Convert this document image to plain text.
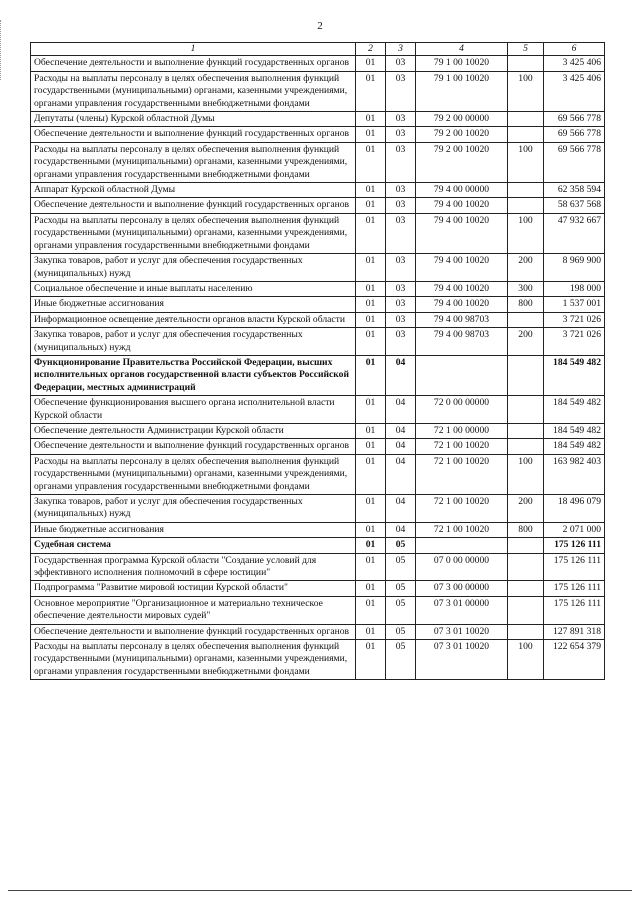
2
1	2	3	4	5	6
Обеспечение деятельности и выполнение функций государственных органов	01	03	79 1 00 10020		3 425 406
Расходы на выплаты персоналу в целях обеспечения выполнения функций государственными (муниципальными) органами, казенными учреждениями, органами управления государственными внебюджетными фондами	01	03	79 1 00 10020	100	3 425 406
Депутаты (члены) Курской областной Думы	01	03	79 2 00 00000		69 566 778
Обеспечение деятельности и выполнение функций государственных органов	01	03	79 2 00 10020		69 566 778
Расходы на выплаты персоналу в целях обеспечения выполнения функций государственными (муниципальными) органами, казенными учреждениями, органами управления государственными внебюджетными фондами	01	03	79 2 00 10020	100	69 566 778
Аппарат Курской областной Думы	01	03	79 4 00 00000		62 358 594
Обеспечение деятельности и выполнение функций государственных органов	01	03	79 4 00 10020		58 637 568
Расходы на выплаты персоналу в целях обеспечения выполнения функций государственными (муниципальными) органами, казенными учреждениями, органами управления государственными внебюджетными фондами	01	03	79 4 00 10020	100	47 932 667
Закупка товаров, работ и услуг для обеспечения государственных (муниципальных) нужд	01	03	79 4 00 10020	200	8 969 900
Социальное обеспечение и иные выплаты населению	01	03	79 4 00 10020	300	198 000
Иные бюджетные ассигнования	01	03	79 4 00 10020	800	1 537 001
Информационное освещение деятельности органов власти Курской области	01	03	79 4 00 98703		3 721 026
Закупка товаров, работ и услуг для обеспечения государственных (муниципальных) нужд	01	03	79 4 00 98703	200	3 721 026
Функционирование Правительства Российской Федерации, высших исполнительных органов государственной власти субъектов Российской Федерации, местных администраций	01	04			184 549 482
Обеспечение функционирования высшего органа исполнительной власти Курской области	01	04	72 0 00 00000		184 549 482
Обеспечение деятельности Администрации Курской области	01	04	72 1 00 00000		184 549 482
Обеспечение деятельности и выполнение функций государственных органов	01	04	72 1 00 10020		184 549 482
Расходы на выплаты персоналу в целях обеспечения выполнения функций государственными (муниципальными) органами, казенными учреждениями, органами управления государственными внебюджетными фондами	01	04	72 1 00 10020	100	163 982 403
Закупка товаров, работ и услуг для обеспечения государственных (муниципальных) нужд	01	04	72 1 00 10020	200	18 496 079
Иные бюджетные ассигнования	01	04	72 1 00 10020	800	2 071 000
Судебная система	01	05			175 126 111
Государственная программа Курской области "Создание условий для эффективного исполнения полномочий в сфере юстиции"	01	05	07 0 00 00000		175 126 111
Подпрограмма "Развитие мировой юстиции Курской области"	01	05	07 3 00 00000		175 126 111
Основное мероприятие "Организационное и материально техническое обеспечение деятельности мировых судей"	01	05	07 3 01 00000		175 126 111
Обеспечение деятельности и выполнение функций государственных органов	01	05	07 3 01 10020		127 891 318
Расходы на выплаты персоналу в целях обеспечения выполнения функций государственными (муниципальными) органами, казенными учреждениями, органами управления государственными внебюджетными фондами	01	05	07 3 01 10020	100	122 654 379
